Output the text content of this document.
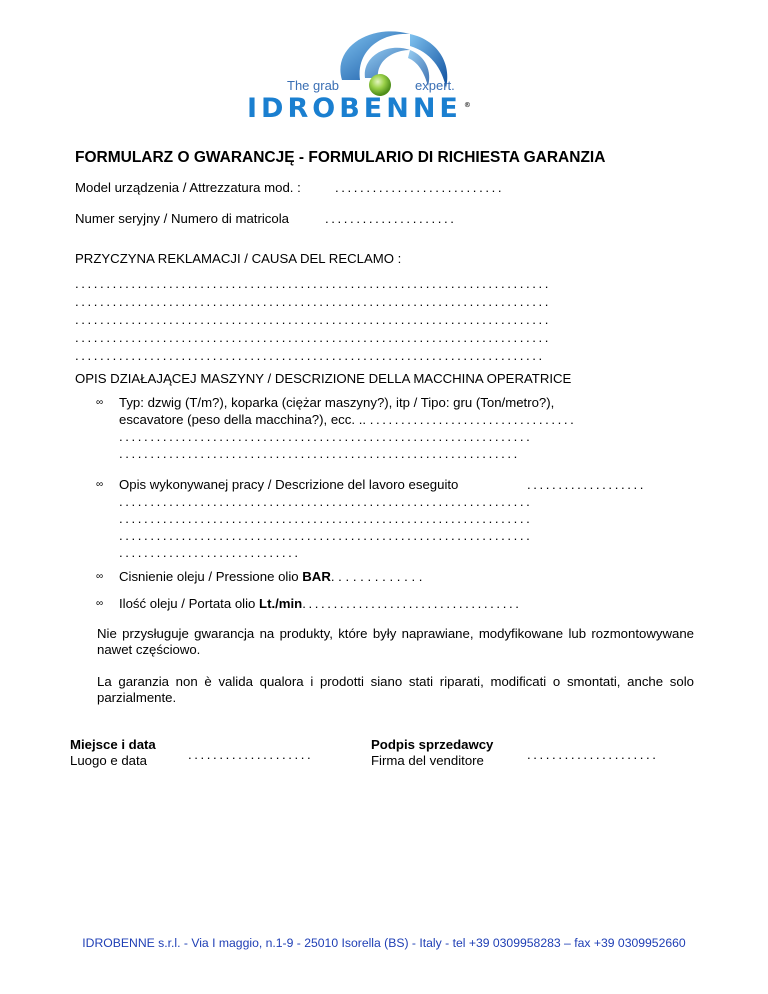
The grab	expert.
IDROBENNE ®
FORMULARZ O GWARANCJĘ - FORMULARIO DI RICHIESTA GARANZIA
Model urządzenia / Attrezzatura mod. :	...........................
Numer seryjny / Numero di matricola	.....................
PRZYCZYNA REKLAMACJI / CAUSA DEL RECLAMO :
............................................................................
............................................................................
............................................................................
............................................................................
...........................................................................
OPIS DZIAŁAJĄCEJ MASZYNY / DESCRIZIONE DELLA MACCHINA OPERATRICE
∞ Typ: dzwig (T/m?), koparka (ciężar maszyny?), itp / Tipo: gru (Ton/metro?),
escavatore (peso della macchina?), ecc. .. .................................
..................................................................
................................................................
∞ Opis wykonywanej pracy / Descrizione del lavoro eseguito	...................
..................................................................
..................................................................
..................................................................
.............................
∞ Cisnienie oleju / Pressione olio BAR. . . . . . . . . . . . .
∞ Ilość oleju / Portata olio Lt./min...................................
Nie przysługuje gwarancja na produkty, które były naprawiane, modyfikowane lub rozmontowywane nawet częściowo.
La garanzia non è valida qualora i prodotti siano stati riparati, modificati o smontati, anche solo parzialmente.
Miejsce i data
Luogo e data	....................
Podpis sprzedawcy
Firma del venditore	.....................
IDROBENNE s.r.l. - Via I maggio, n.1-9 - 25010 Isorella (BS) - Italy - tel +39 0309958283 – fax +39 0309952660
